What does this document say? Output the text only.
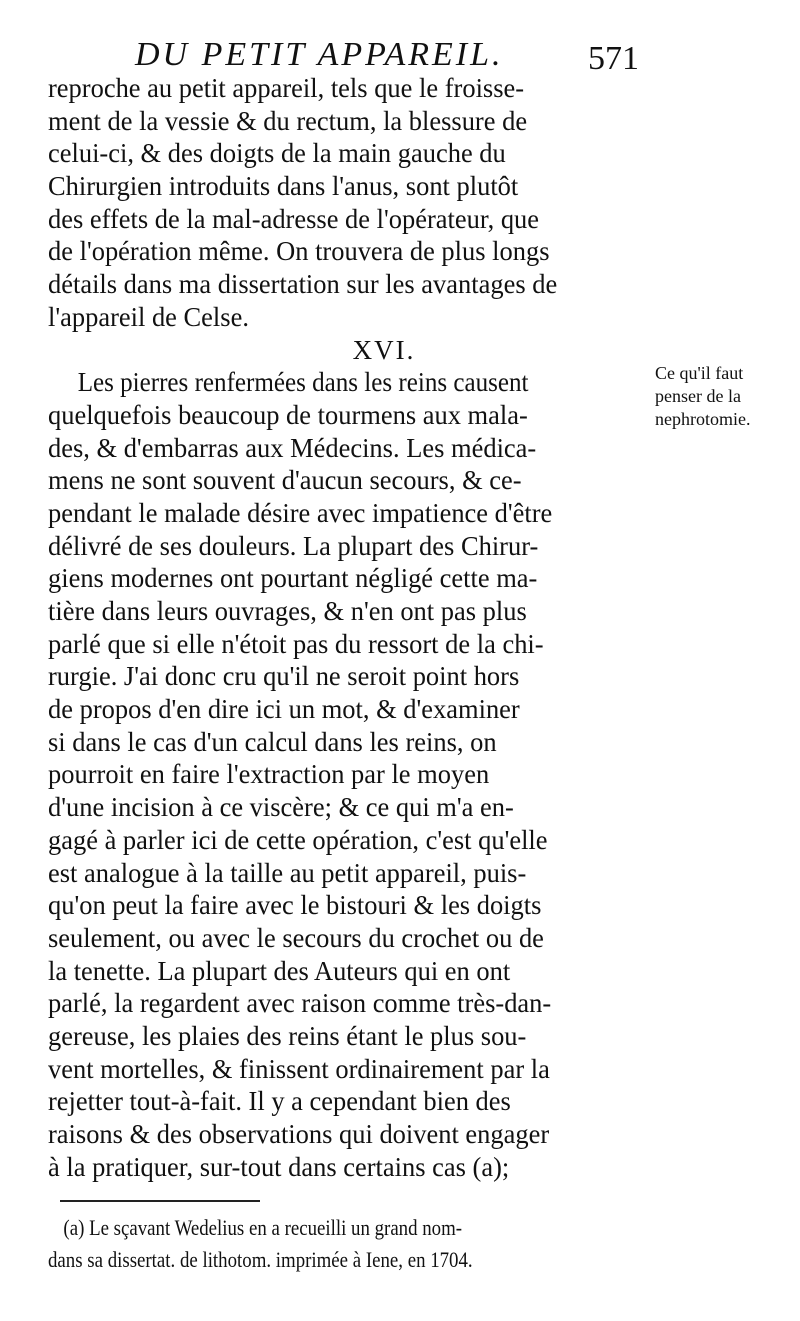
DU PETIT APPAREIL. 571
reproche au petit appareil, tels que le froisse-
ment de la vessie & du rectum, la blessure de
celui-ci, & des doigts de la main gauche du
Chirurgien introduits dans l'anus, sont plutôt
des effets de la mal-adresse de l'opérateur, que
de l'opération même. On trouvera de plus longs
détails dans ma dissertation sur les avantages de
l'appareil de Celse.
XVI.
Les pierres renfermées dans les reins causent
quelquefois beaucoup de tourmens aux mala-
des, & d'embarras aux Médecins. Les médica-
mens ne sont souvent d'aucun secours, & ce-
pendant le malade désire avec impatience d'être
délivré de ses douleurs. La plupart des Chirur-
giens modernes ont pourtant négligé cette ma-
tière dans leurs ouvrages, & n'en ont pas plus
parlé que si elle n'étoit pas du ressort de la chi-
rurgie. J'ai donc cru qu'il ne seroit point hors
de propos d'en dire ici un mot, & d'examiner
si dans le cas d'un calcul dans les reins, on
pourroit en faire l'extraction par le moyen
d'une incision à ce viscère; & ce qui m'a en-
gagé à parler ici de cette opération, c'est qu'elle
est analogue à la taille au petit appareil, puis-
qu'on peut la faire avec le bistouri & les doigts
seulement, ou avec le secours du crochet ou de
la tenette. La plupart des Auteurs qui en ont
parlé, la regardent avec raison comme très-dan-
gereuse, les plaies des reins étant le plus sou-
vent mortelles, & finissent ordinairement par la
rejetter tout-à-fait. Il y a cependant bien des
raisons & des observations qui doivent engager
à la pratiquer, sur-tout dans certains cas (a);
Ce qu'il faut
penser de la
nephrotomie.
(a) Le sçavant Wedelius en a recueilli un grand nom-
dans sa dissertat. de lithotom. imprimée à Iene, en 1704.
